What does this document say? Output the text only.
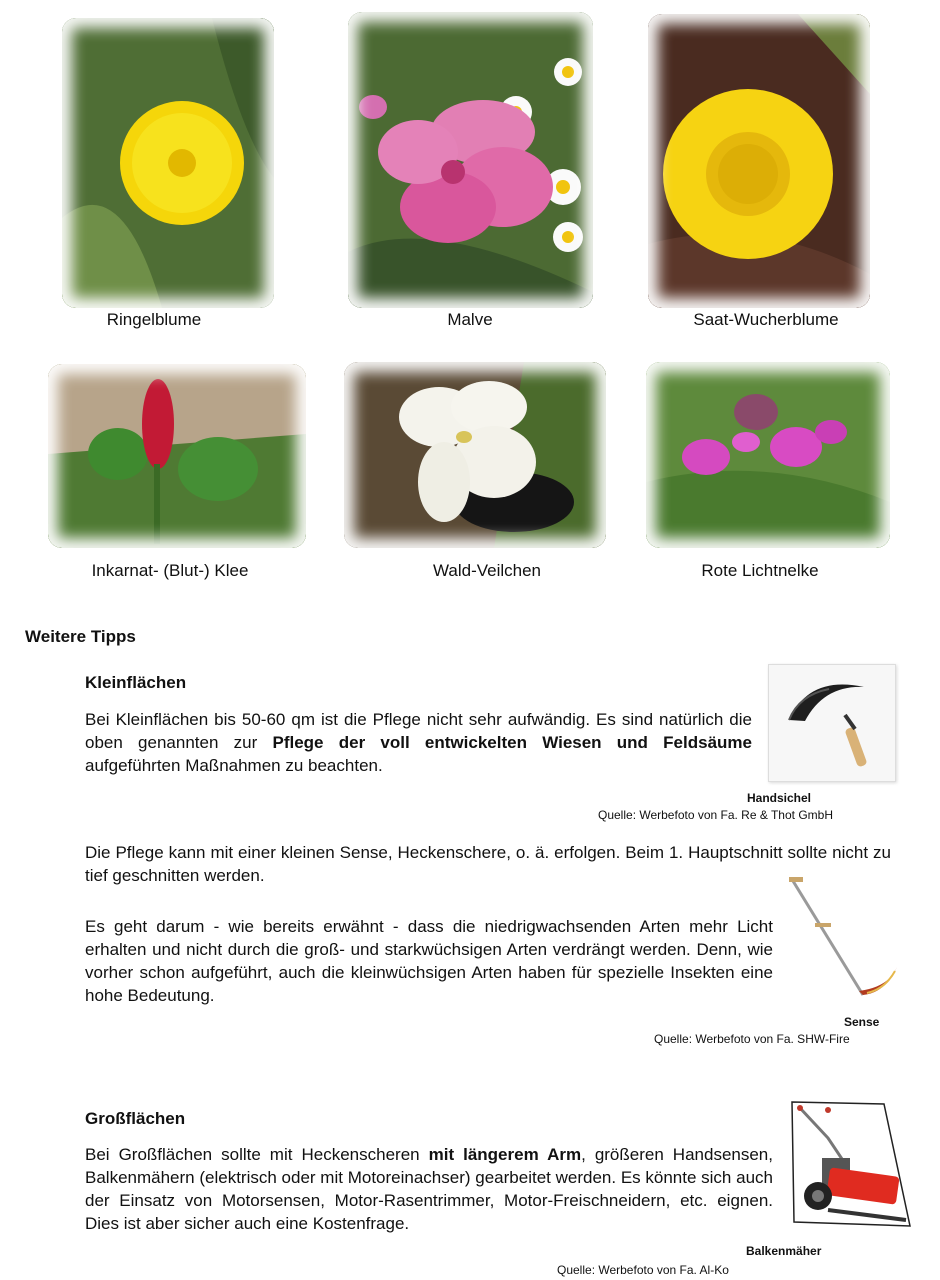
Ringelblume	Malve	Saat-Wucherblume
Inkarnat- (Blut-) Klee	Wald-Veilchen	Rote Lichtnelke
Weitere Tipps
Kleinflächen

Bei Kleinflächen bis 50-60 qm ist die Pflege nicht sehr aufwändig. Es sind natürlich die oben genannten zur Pflege der voll entwickelten Wiesen und Feldsäume aufgeführten Maßnahmen zu beachten.

Handsichel
Quelle: Werbefoto von Fa. Re & Thot GmbH

Die Pflege kann mit einer kleinen Sense, Heckenschere, o. ä. erfolgen. Beim 1. Hauptschnitt sollte nicht zu tief geschnitten werden.

Es geht darum - wie bereits erwähnt - dass die niedrigwachsenden Arten mehr Licht erhalten und nicht durch die groß- und starkwüchsigen Arten verdrängt werden. Denn, wie vorher schon aufgeführt, auch die kleinwüchsigen Arten haben für spezielle Insekten eine hohe Bedeutung.

Sense
Quelle: Werbefoto von Fa. SHW-Fire
Großflächen

Bei Großflächen sollte mit Heckenscheren mit längerem Arm, größeren Handsensen, Balkenmähern (elektrisch oder mit Motoreinachser) gearbeitet werden. Es könnte sich auch der Einsatz von Motorsensen, Motor-Rasentrimmer, Motor-Freischneidern, etc. eignen. Dies ist aber sicher auch eine Kostenfrage.

Balkenmäher
Quelle: Werbefoto von Fa. Al-Ko
